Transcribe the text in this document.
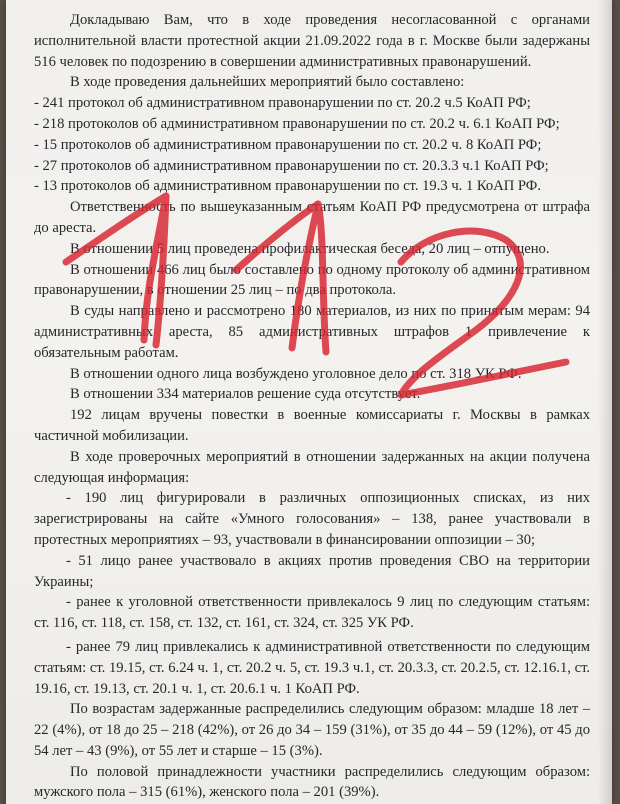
Докладываю Вам, что в ходе проведения несогласованной с органами исполнительной власти протестной акции 21.09.2022 года в г. Москве были задержаны 516 человек по подозрению в совершении административных правонарушений.

В ходе проведения дальнейших мероприятий было составлено:

- 241 протокол об административном правонарушении по ст. 20.2 ч.5 КоАП РФ;

- 218 протоколов об административном правонарушении по ст. 20.2 ч. 6.1 КоАП РФ;

- 15 протоколов об административном правонарушении по ст. 20.2 ч. 8 КоАП РФ;

- 27 протоколов об административном правонарушении по ст. 20.3.3 ч.1 КоАП РФ;

- 13 протоколов об административном правонарушении по ст. 19.3 ч. 1 КоАП РФ.

Ответственность по вышеуказанным статьям КоАП РФ предусмотрена от штрафа до ареста.

В отношении 5 лиц проведена профилактическая беседа, 20 лиц – отпущено.

В отношении 466 лиц было составлено по одному протоколу об административном правонарушении, в отношении 25 лиц – по два протокола.

В суды направлено и рассмотрено 180 материалов, из них по принятым мерам: 94 административных ареста, 85 административных штрафов 1 привлечение к обязательным работам.

В отношении одного лица возбуждено уголовное дело по ст. 318 УК РФ.

В отношении 334 материалов решение суда отсутствует.

192 лицам вручены повестки в военные комиссариаты г. Москвы в рамках частичной мобилизации.

В ходе проверочных мероприятий в отношении задержанных на акции получена следующая информация:

- 190 лиц фигурировали в различных оппозиционных списках, из них зарегистрированы на сайте «Умного голосования» – 138, ранее участвовали в протестных мероприятиях – 93, участвовали в финансировании оппозиции – 30;

- 51 лицо ранее участвовало в акциях против проведения СВО на территории Украины;

- ранее к уголовной ответственности привлекалось 9 лиц по следующим статьям: ст. 116, ст. 118, ст. 158, ст. 132, ст. 161, ст. 324, ст. 325 УК РФ.

- ранее 79 лиц привлекались к административной ответственности по следующим статьям: ст. 19.15, ст. 6.24 ч. 1, ст. 20.2 ч. 5, ст. 19.3 ч.1, ст. 20.3.3, ст. 20.2.5, ст. 12.16.1, ст. 19.16, ст. 19.13, ст. 20.1 ч. 1, ст. 20.6.1 ч. 1 КоАП РФ.

По возрастам задержанные распределились следующим образом: младше 18 лет – 22 (4%), от 18 до 25 – 218 (42%), от 26 до 34 – 159 (31%), от 35 до 44 – 59 (12%), от 45 до 54 лет – 43 (9%), от 55 лет и старше – 15 (3%).

По половой принадлежности участники распределились следующим образом: мужского пола – 315 (61%), женского пола – 201 (39%).
